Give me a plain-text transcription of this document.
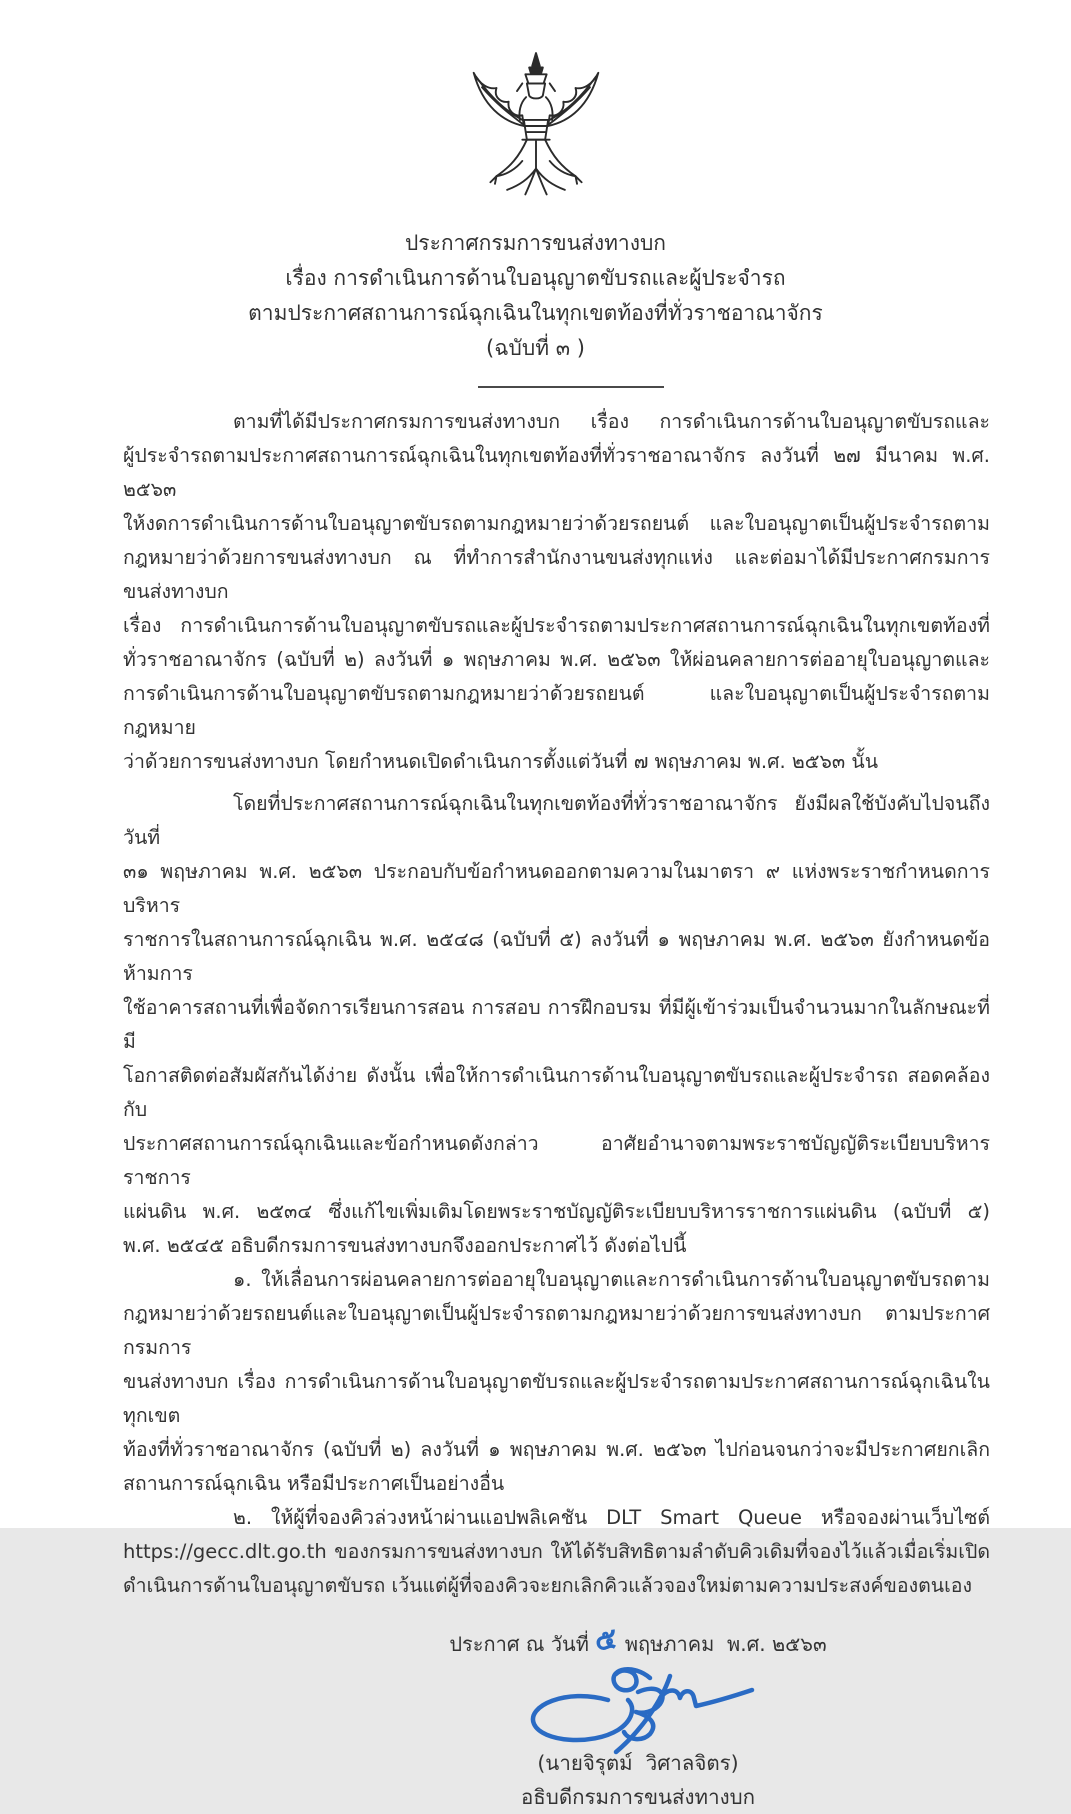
ประกาศกรมการขนส่งทางบก
เรื่อง การดำเนินการด้านใบอนุญาตขับรถและผู้ประจำรถ
ตามประกาศสถานการณ์ฉุกเฉินในทุกเขตท้องที่ทั่วราชอาณาจักร
(ฉบับที่ ๓ )
ตามที่ได้มีประกาศกรมการขนส่งทางบก เรื่อง การดำเนินการด้านใบอนุญาตขับรถและ
ผู้ประจำรถตามประกาศสถานการณ์ฉุกเฉินในทุกเขตท้องที่ทั่วราชอาณาจักร ลงวันที่ ๒๗ มีนาคม พ.ศ. ๒๕๖๓
ให้งดการดำเนินการด้านใบอนุญาตขับรถตามกฎหมายว่าด้วยรถยนต์ และใบอนุญาตเป็นผู้ประจำรถตาม
กฎหมายว่าด้วยการขนส่งทางบก ณ ที่ทำการสำนักงานขนส่งทุกแห่ง และต่อมาได้มีประกาศกรมการขนส่งทางบก
เรื่อง การดำเนินการด้านใบอนุญาตขับรถและผู้ประจำรถตามประกาศสถานการณ์ฉุกเฉินในทุกเขตท้องที่
ทั่วราชอาณาจักร (ฉบับที่ ๒) ลงวันที่ ๑ พฤษภาคม พ.ศ. ๒๕๖๓ ให้ผ่อนคลายการต่ออายุใบอนุญาตและ
การดำเนินการด้านใบอนุญาตขับรถตามกฎหมายว่าด้วยรถยนต์ และใบอนุญาตเป็นผู้ประจำรถตามกฎหมาย
ว่าด้วยการขนส่งทางบก โดยกำหนดเปิดดำเนินการตั้งแต่วันที่ ๗ พฤษภาคม พ.ศ. ๒๕๖๓ นั้น
โดยที่ประกาศสถานการณ์ฉุกเฉินในทุกเขตท้องที่ทั่วราชอาณาจักร ยังมีผลใช้บังคับไปจนถึงวันที่
๓๑ พฤษภาคม พ.ศ. ๒๕๖๓ ประกอบกับข้อกำหนดออกตามความในมาตรา ๙ แห่งพระราชกำหนดการบริหาร
ราชการในสถานการณ์ฉุกเฉิน พ.ศ. ๒๕๔๘ (ฉบับที่ ๕) ลงวันที่ ๑ พฤษภาคม พ.ศ. ๒๕๖๓ ยังกำหนดข้อห้ามการ
ใช้อาคารสถานที่เพื่อจัดการเรียนการสอน การสอบ การฝึกอบรม ที่มีผู้เข้าร่วมเป็นจำนวนมากในลักษณะที่มี
โอกาสติดต่อสัมผัสกันได้ง่าย ดังนั้น เพื่อให้การดำเนินการด้านใบอนุญาตขับรถและผู้ประจำรถ สอดคล้องกับ
ประกาศสถานการณ์ฉุกเฉินและข้อกำหนดดังกล่าว อาศัยอำนาจตามพระราชบัญญัติระเบียบบริหารราชการ
แผ่นดิน พ.ศ. ๒๕๓๔ ซึ่งแก้ไขเพิ่มเติมโดยพระราชบัญญัติระเบียบบริหารราชการแผ่นดิน (ฉบับที่ ๕)
พ.ศ. ๒๕๔๕ อธิบดีกรมการขนส่งทางบกจึงออกประกาศไว้ ดังต่อไปนี้
๑. ให้เลื่อนการผ่อนคลายการต่ออายุใบอนุญาตและการดำเนินการด้านใบอนุญาตขับรถตาม
กฎหมายว่าด้วยรถยนต์และใบอนุญาตเป็นผู้ประจำรถตามกฎหมายว่าด้วยการขนส่งทางบก ตามประกาศกรมการ
ขนส่งทางบก เรื่อง การดำเนินการด้านใบอนุญาตขับรถและผู้ประจำรถตามประกาศสถานการณ์ฉุกเฉินในทุกเขต
ท้องที่ทั่วราชอาณาจักร (ฉบับที่ ๒) ลงวันที่ ๑ พฤษภาคม พ.ศ. ๒๕๖๓ ไปก่อนจนกว่าจะมีประกาศยกเลิก
สถานการณ์ฉุกเฉิน หรือมีประกาศเป็นอย่างอื่น
๒. ให้ผู้ที่จองคิวล่วงหน้าผ่านแอปพลิเคชัน DLT Smart Queue หรือจองผ่านเว็บไซต์
https://gecc.dlt.go.th ของกรมการขนส่งทางบก ให้ได้รับสิทธิตามลำดับคิวเดิมที่จองไว้แล้วเมื่อเริ่มเปิด
ดำเนินการด้านใบอนุญาตขับรถ เว้นแต่ผู้ที่จองคิวจะยกเลิกคิวแล้วจองใหม่ตามความประสงค์ของตนเอง
ประกาศ ณ วันที่ ๕ พฤษภาคม  พ.ศ. ๒๕๖๓
(นายจิรุตม์  วิศาลจิตร)
อธิบดีกรมการขนส่งทางบก
